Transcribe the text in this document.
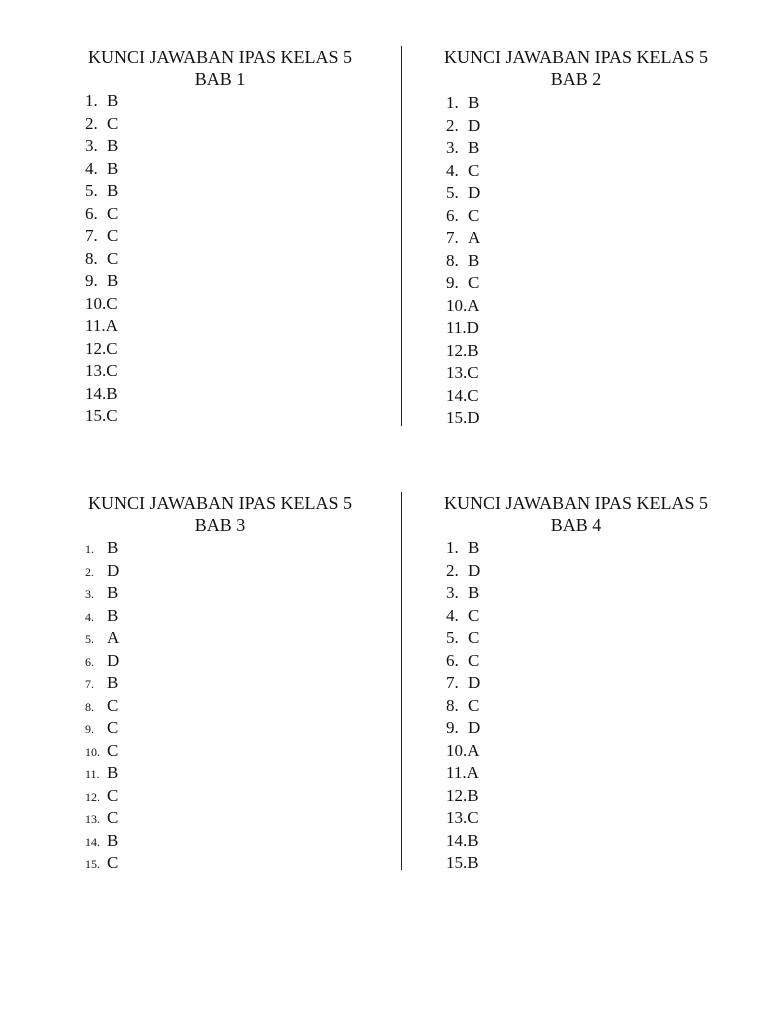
KUNCI JAWABAN IPAS KELAS 5
BAB 1
1. B
2. C
3. B
4. B
5. B
6. C
7. C
8. C
9. B
10.C
11.A
12.C
13.C
14.B
15.C
KUNCI JAWABAN IPAS KELAS 5
BAB 2
1. B
2. D
3. B
4. C
5. D
6. C
7. A
8. B
9. C
10.A
11.D
12.B
13.C
14.C
15.D
KUNCI JAWABAN IPAS KELAS 5
BAB 3
1. B
2. D
3. B
4. B
5. A
6. D
7. B
8. C
9. C
10. C
11. B
12. C
13. C
14. B
15. C
KUNCI JAWABAN IPAS KELAS 5
BAB 4
1. B
2. D
3. B
4. C
5. C
6. C
7. D
8. C
9. D
10.A
11.A
12.B
13.C
14.B
15.B
